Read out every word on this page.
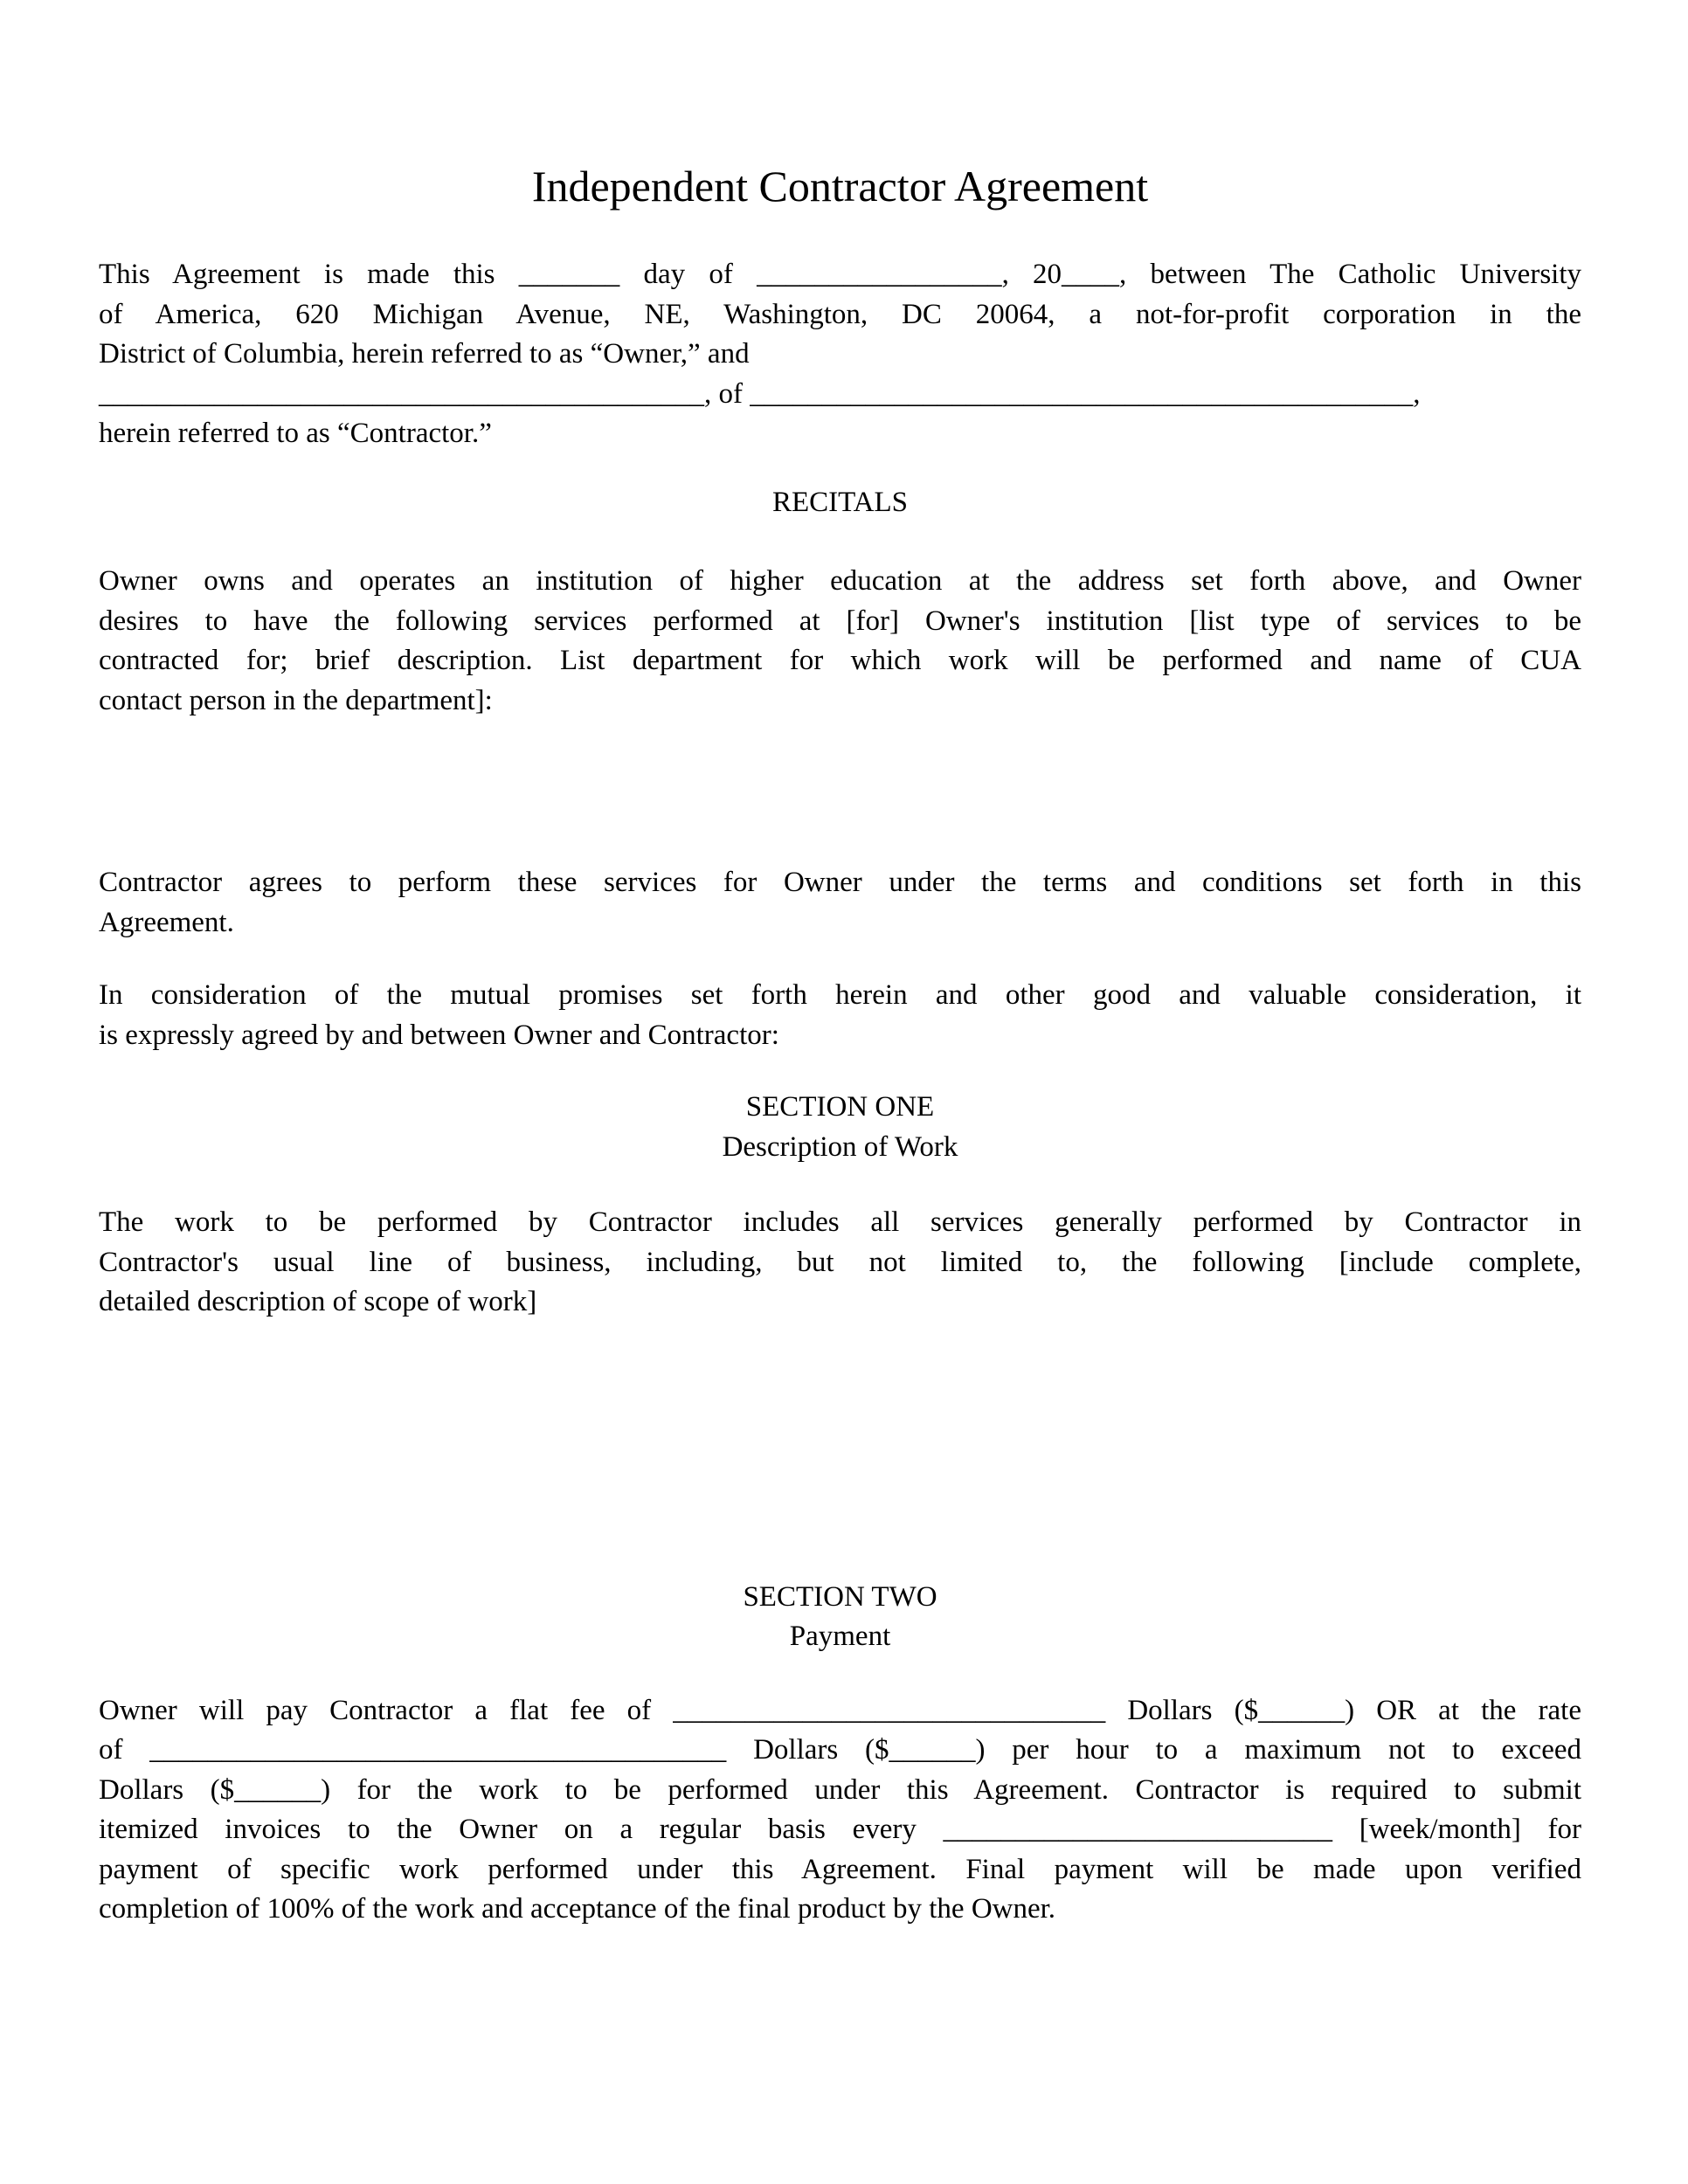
Independent Contractor Agreement
This Agreement is made this _______ day of _________________, 20____, between The Catholic University
of America, 620 Michigan Avenue, NE, Washington, DC 20064, a not-for-profit corporation in the
District of Columbia, herein referred to as “Owner,” and
__________________________________________, of ______________________________________________,
herein referred to as “Contractor.”
RECITALS
Owner owns and operates an institution of higher education at the address set forth above, and Owner
desires to have the following services performed at [for] Owner's institution [list type of services to be
contracted for; brief description. List department for which work will be performed and name of CUA
contact person in the department]:
Contractor agrees to perform these services for Owner under the terms and conditions set forth in this
Agreement.
In consideration of the mutual promises set forth herein and other good and valuable consideration, it
is expressly agreed by and between Owner and Contractor:
SECTION ONE
Description of Work
The work to be performed by Contractor includes all services generally performed by Contractor in
Contractor's usual line of business, including, but not limited to, the following [include complete,
detailed description of scope of work]
SECTION TWO
Payment
Owner will pay Contractor a flat fee of ______________________________ Dollars ($______) OR at the rate
of ________________________________________ Dollars ($______) per hour to a maximum not to exceed
Dollars ($______) for the work to be performed under this Agreement. Contractor is required to submit
itemized invoices to the Owner on a regular basis every ___________________________ [week/month] for
payment of specific work performed under this Agreement. Final payment will be made upon verified
completion of 100% of the work and acceptance of the final product by the Owner.
